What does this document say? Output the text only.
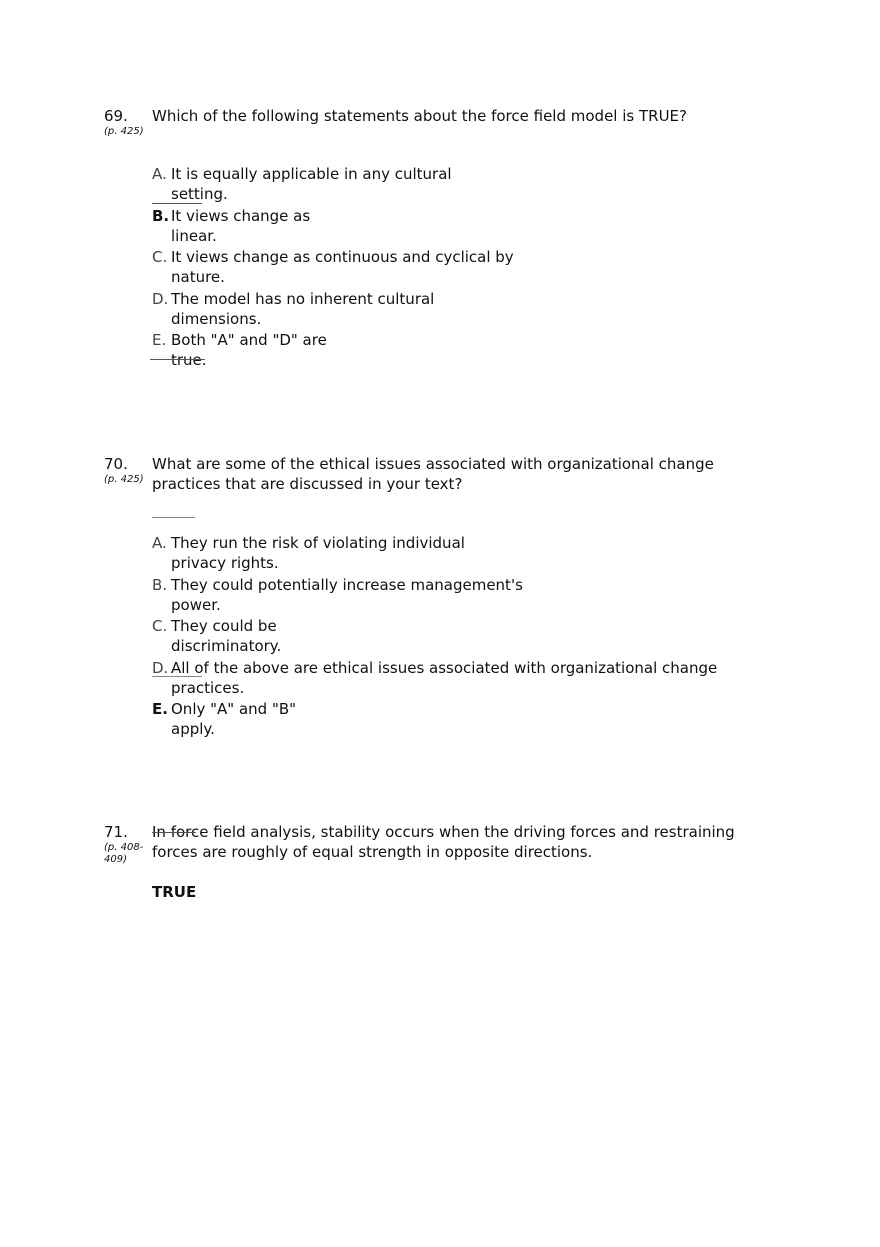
69.
(p. 425)
Which of the following statements about the force field model is TRUE?
A. It is equally applicable in any cultural setting.
B. It views change as linear.
C. It views change as continuous and cyclical by nature.
D. The model has no inherent cultural dimensions.
E. Both "A" and "D" are true.
70.
(p. 425)
What are some of the ethical issues associated with organizational change practices that are discussed in your text?
A. They run the risk of violating individual privacy rights.
B. They could potentially increase management's power.
C. They could be discriminatory.
D. All of the above are ethical issues associated with organizational change practices.
E. Only "A" and "B" apply.
71.
(p. 408-409)
In force field analysis, stability occurs when the driving forces and restraining forces are roughly of equal strength in opposite directions.
TRUE
